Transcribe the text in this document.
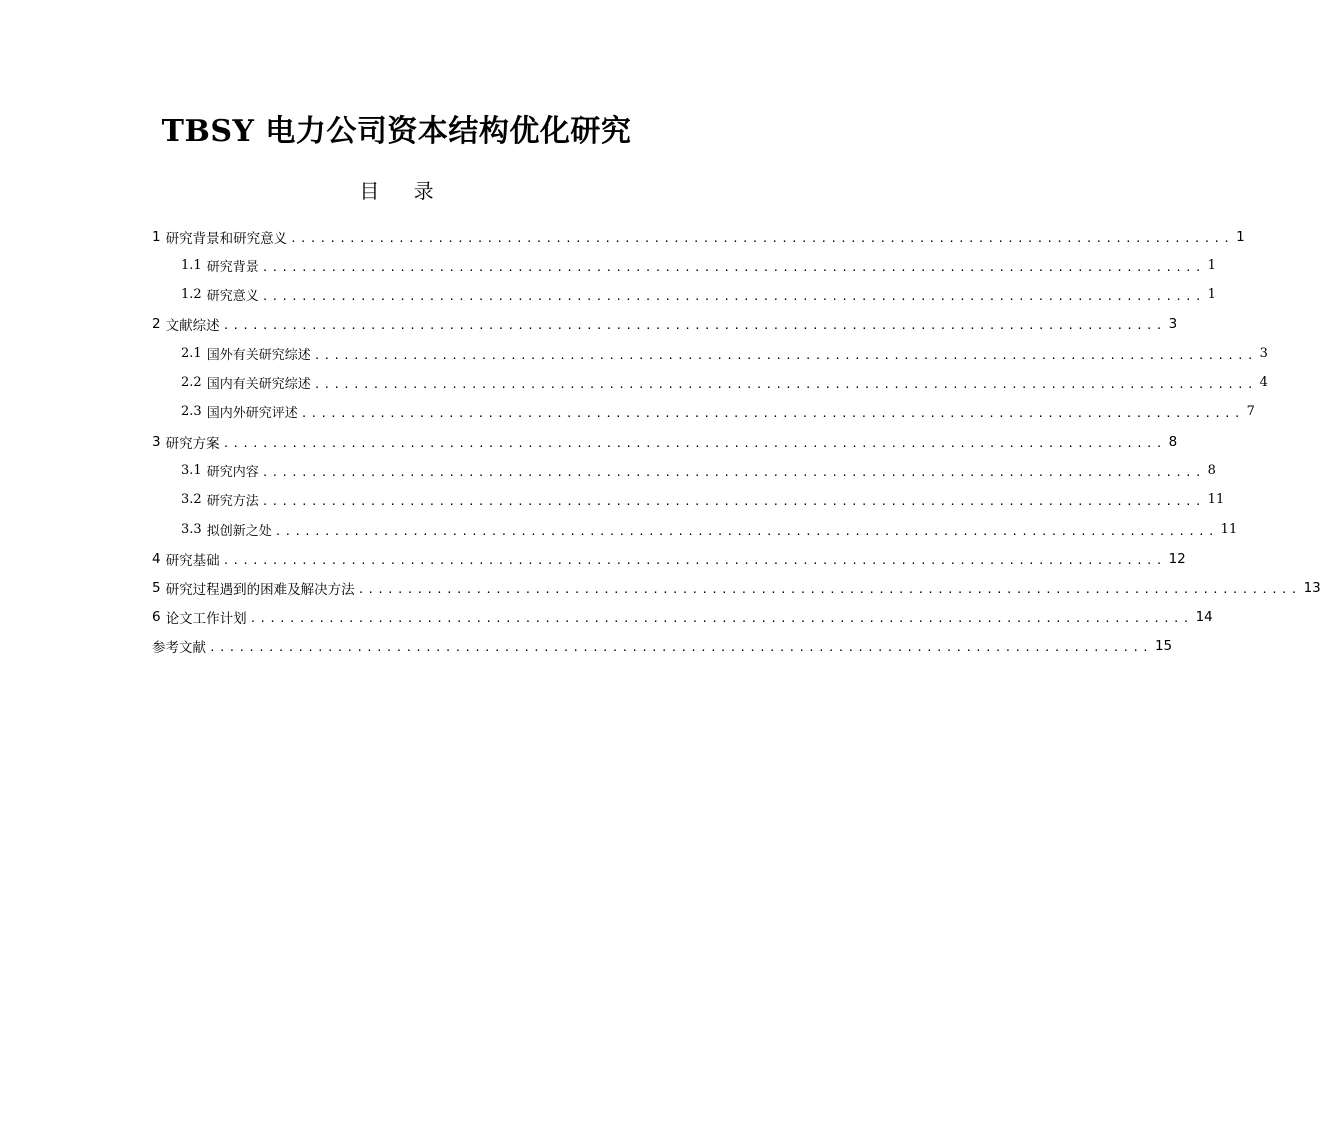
TBSY 电力公司资本结构优化研究
目 录
1 研究背景和研究意义 ................................................................................................ 1
1.1 研究背景 ................................................................................................ 1
1.2 研究意义 ................................................................................................ 1
2 文献综述 ................................................................................................ 3
2.1 国外有关研究综述 ................................................................................................ 3
2.2 国内有关研究综述 ................................................................................................ 4
2.3 国内外研究评述 ................................................................................................ 7
3 研究方案 ................................................................................................ 8
3.1 研究内容 ................................................................................................ 8
3.2 研究方法 ................................................................................................ 11
3.3 拟创新之处 ................................................................................................ 11
4 研究基础 ................................................................................................ 12
5 研究过程遇到的困难及解决方法 ................................................................................................ 13
6 论文工作计划 ................................................................................................ 14
参考文献 ................................................................................................ 15
